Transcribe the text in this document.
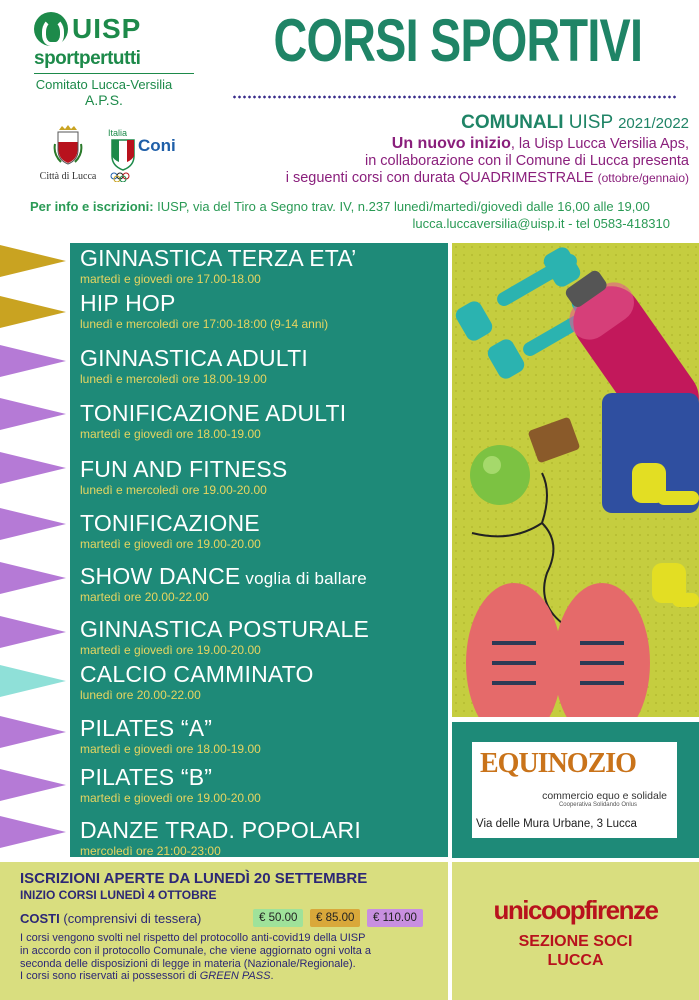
UISP
sportpertutti
Comitato Lucca-Versilia
A.P.S.
Città di Lucca
Italia
Coni
CORSI SPORTIVI
COMUNALI UISP 2021/2022
Un nuovo inizio, la Uisp Lucca Versilia Aps,
in collaborazione con il Comune di Lucca presenta
i seguenti corsi con durata QUADRIMESTRALE (ottobre/gennaio)
Per info e iscrizioni: IUSP, via del Tiro a Segno trav. IV, n.237 lunedì/martedì/giovedì dalle 16,00 alle 19,00
lucca.luccaversilia@uisp.it - tel 0583-418310
GINNASTICA TERZA ETA’
martedì e giovedì ore 17.00-18.00
HIP HOP
lunedì e mercoledì ore 17:00-18:00 (9-14 anni)
GINNASTICA ADULTI
lunedì e mercoledì ore 18.00-19.00
TONIFICAZIONE ADULTI
martedì e giovedì ore 18.00-19.00
FUN AND FITNESS
lunedì e mercoledì ore 19.00-20.00
TONIFICAZIONE
martedì e giovedì ore 19.00-20.00
SHOW DANCE voglia di ballare
martedì ore 20.00-22.00
GINNASTICA POSTURALE
martedì e giovedì ore 19.00-20.00
CALCIO CAMMINATO
lunedì ore 20.00-22.00
PILATES “A”
martedì e giovedì ore 18.00-19.00
PILATES “B”
martedì e giovedì ore 19.00-20.00
DANZE TRAD. POPOLARI
mercoledì ore 21:00-23:00
EQUINOZIO
commercio equo e solidale
Cooperativa Solidando Onlus
Via delle Mura Urbane, 3 Lucca
ISCRIZIONI APERTE DA LUNEDÌ 20 SETTEMBRE
INIZIO CORSI LUNEDÌ 4 OTTOBRE
COSTI (comprensivi di tessera)	€ 50.00	€ 85.00	€ 110.00
I corsi vengono svolti nel rispetto del protocollo anti-covid19 della UISP
in accordo con il protocollo Comunale, che viene aggiornato ogni volta a
seconda delle disposizioni di legge in materia (Nazionale/Regionale).
I corsi sono riservati ai possessori di GREEN PASS.
unicoopfirenze
SEZIONE SOCI
LUCCA
